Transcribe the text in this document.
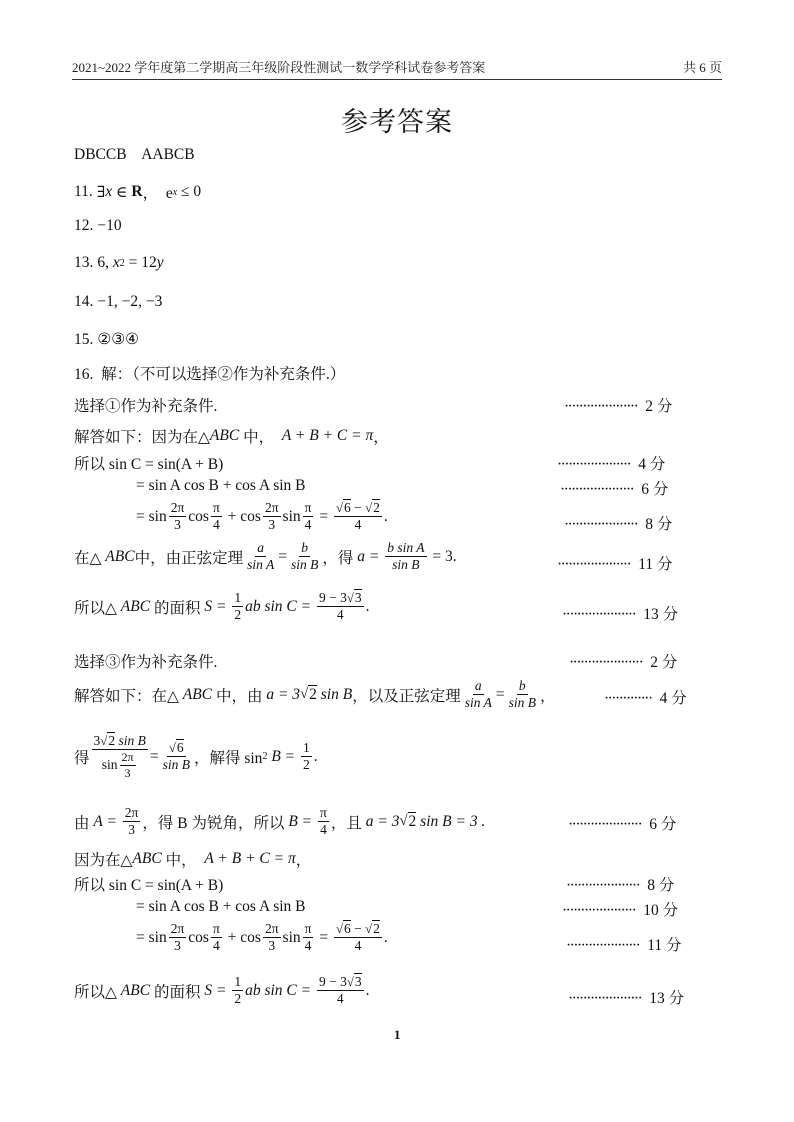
2021~2022 学年度第二学期高三年级阶段性测试一数学学科试卷参考答案	共 6 页
参考答案
DBCCB    AABCB
11. ∃ x ∈ R ，  e x ≤ 0
12. −10
13. 6, x 2 = 12 y
14. −1, −2, −3
15. ②③④
16.  解：（不可以选择②作为补充条件.）
选择①作为补充条件.	···················· 2 分
解答如下：因为在△ ABC 中， A + B + C = π ，
所以 sin C = sin(A + B)	···················· 4 分
= sin A cos B + cos A sin B	···················· 6 分
= $\sin \frac{2\pi}{3}$ $\cos \frac{\pi}{4} + \cos \frac{2\pi}{3}$ $\sin \frac{\pi}{4} = \frac{√6 - √2}{4}$ .	···················· 8 分
在△ ABC 中，由正弦定理 $\frac{a}{\text{sin A}} = \frac{b}{\text{sin B}}$ ，得 $a = \frac{\text{b sin A}}{\text{sin B}} = 3$.	···················· 11 分
所以△ ABC 的面积 $S = \frac{1}{2}$ ab $\sin C = \frac{9 - 3√3}{4}$ .	···················· 13 分
选择③作为补充条件.	···················· 2 分
解答如下：在△ ABC 中，由 a = 3 √ 2 sin B ，以及正弦定理 $\frac{a}{\text{sin A}} = \frac{b}{\text{sin B}}$ ，	············· 4 分
得 $\frac{\text{3√2 sin B}}{\sin \frac{2\pi}{3}} = \frac{√6}{\text{sin B}}$ ，解得 sin 2 $B = \frac{1}{2}$ .
由 $A = \frac{2\pi}{3}$ ，得 B 为锐角，所以 $B = \frac{\pi}{4}$ ，且 a = 3 √ 2 sin B = 3 .	···················· 6 分
因为在△ ABC 中， A + B + C = π ，
所以 sin C = sin(A + B)	···················· 8 分
= sin A cos B + cos A sin B	···················· 10 分
= $\sin \frac{2\pi}{3}$ $\cos \frac{\pi}{4} + \cos \frac{2\pi}{3}$ $\sin \frac{\pi}{4} = \frac{√6 - √2}{4}$ .	···················· 11 分
所以△ ABC 的面积 $S = \frac{1}{2}$ ab $\sin C = \frac{9 - 3√3}{4}$ .	···················· 13 分
1
